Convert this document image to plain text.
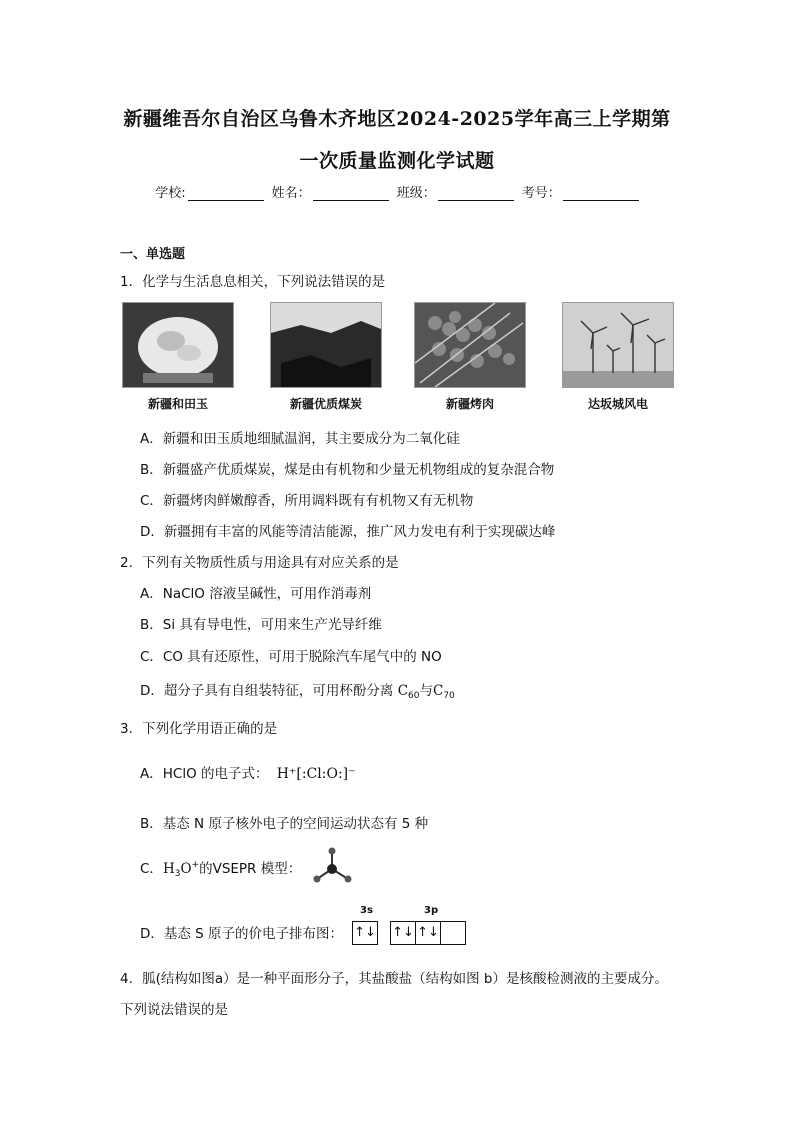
新疆维吾尔自治区乌鲁木齐地区2024-2025学年高三上学期第
一次质量监测化学试题
学校:	姓名：	班级：	考号：
一、单选题
1．化学与生活息息相关，下列说法错误的是
新疆和田玉	新疆优质煤炭	新疆烤肉	达坂城风电
A．新疆和田玉质地细腻温润，其主要成分为二氧化硅
B．新疆盛产优质煤炭，煤是由有机物和少量无机物组成的复杂混合物
C．新疆烤肉鲜嫩醇香，所用调料既有有机物又有无机物
D．新疆拥有丰富的风能等清洁能源，推广风力发电有利于实现碳达峰
2．下列有关物质性质与用途具有对应关系的是
A．NaClO 溶液呈碱性，可用作消毒剂
B．Si 具有导电性，可用来生产光导纤维
C．CO 具有还原性，可用于脱除汽车尾气中的 NO
D．超分子具有自组装特征，可用杯酚分离 $C_{60}$与$C_{70}$
3．下列化学用语正确的是
A．HClO 的电子式： H⁺[:Cl:O:]⁻
B．基态 N 原子核外电子的空间运动状态有 5 种
C．$H_3O^+$的VSEPR 模型：
D．基态 S 原子的价电子排布图：
3s	3p
↑↓ ↑↓ ↑↓
4．胍(结构如图a）是一种平面形分子，其盐酸盐（结构如图 b）是核酸检测液的主要成分。
下列说法错误的是
